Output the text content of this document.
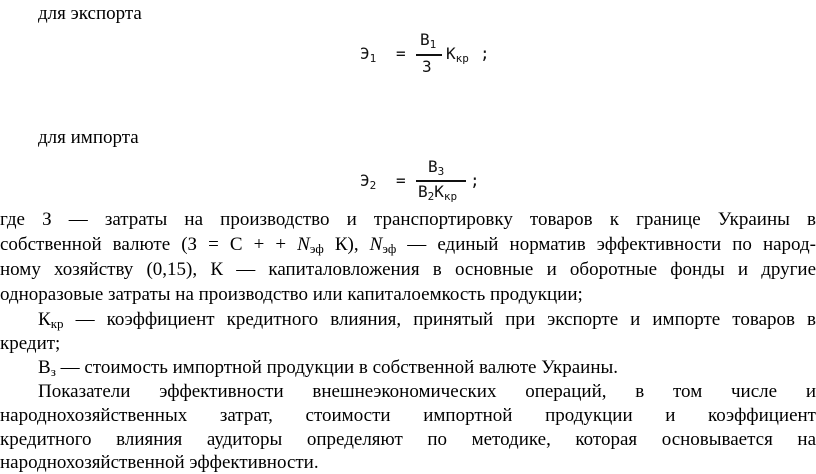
для экспорта
для импорта
$Э_1$ =
$В_1$
З
$К_{кр}$ ;
$Э_2$ =
$В_3$
$В_2К_{кр}$
;
где З — затраты на производство и транспортировку товаров к границе Украины в
собственной валюте (З = С + + $N_{эф}$ К), $N_{эф}$ — единый норматив эффективности по народ-
ному хозяйству (0,15), К — капиталовложения в основные и оборотные фонды и другие
одноразовые затраты на производство или капиталоемкость продукции;
$К_{кр}$ — коэффициент кредитного влияния, принятый при экспорте и импорте товаров в
кредит;
$В_з$ — стоимость импортной продукции в собственной валюте Украины.
Показатели эффективности внешнеэкономических операций, в том числе и
народнохозяйственных затрат, стоимости импортной продукции и коэффициент
кредитного влияния аудиторы определяют по методике, которая основывается на
народнохозяйственной эффективности.
